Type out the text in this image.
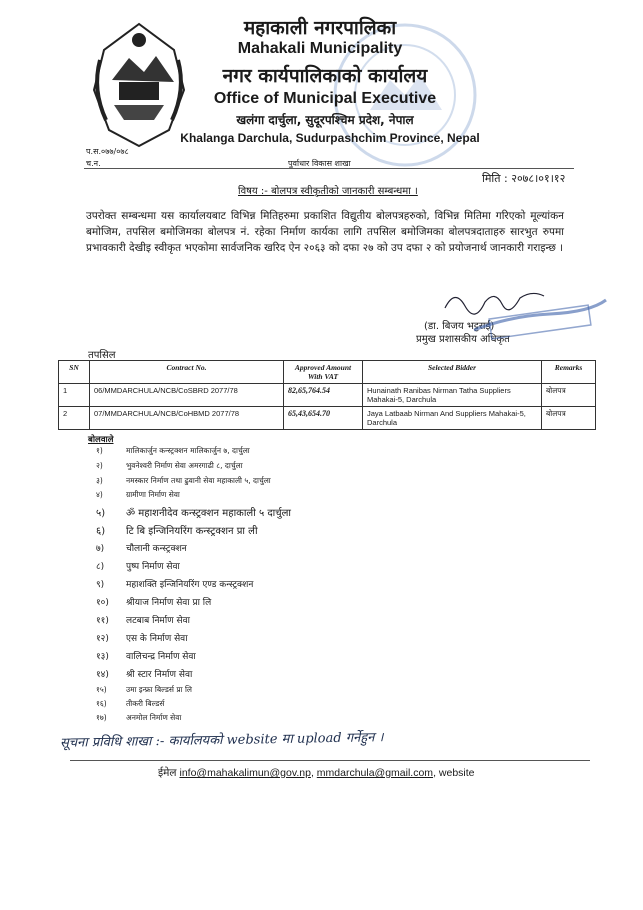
महाकाली नगरपालिका
Mahakali Municipality
नगर कार्यपालिकाको कार्यालय
Office of Municipal Executive
खलंगा दार्चुला, सुदूरपश्चिम प्रदेश, नेपाल
Khalanga Darchula, Sudurpashchim Province, Nepal
प.स.०७७/०७८
च.न.	पुर्वाधार विकास शाखा
मिति : २०७८।०१।१२
विषय :- बोलपत्र स्वीकृतीको जानकारी सम्बन्धमा ।
उपरोक्त सम्बन्धमा यस कार्यालयबाट विभिन्न मितिहरुमा प्रकाशित विद्युतीय बोलपत्रहरुको, विभिन्न मितिमा गरिएको मूल्यांकन बमोजिम, तपसिल बमोजिमका बोलपत्र नं. रहेका निर्माण कार्यका लागि तपसिल बमोजिमका बोलपत्रदाताहरु सारभुत रुपमा प्रभावकारी देखीइ स्वीकृत भएकोमा सार्वजनिक खरिद ऐन २०६३ को दफा २७ को उप दफा २ को प्रयोजनार्थ जानकारी गराइन्छ ।
(डा. बिजय भट्टराई)
प्रमुख प्रशासकीय अधिकृत
तपसिल
SN	Contract No.	Approved Amount With VAT	Selected Bidder	Remarks
1	06/MMDARCHULA/NCB/CoSBRD 2077/78	82,65,764.54	Hunainath Ranibas Nirman Tatha Suppliers Mahakai-5, Darchula	बोलपत्र
2	07/MMDARCHULA/NCB/CoHBMD 2077/78	65,43,654.70	Jaya Latbaab Nirman And Suppliers Mahakai-5, Darchula	बोलपत्र
बोलवाले
१)	मालिकार्जुन कन्स्ट्रक्शन मालिकार्जुन ७, दार्चुला
२)	भुवनेश्वरी निर्माण सेवा अमरगाढी ८, दार्चुला
३)	नमस्कार निर्माण तथा ढुवानी सेवा महाकाली ५, दार्चुला
४)	ग्रामीणा निर्माण सेवा
५) ॐ महाशनीदेव कन्स्ट्रक्शन महाकाली ५ दार्चुला
६) टि बि इन्जिनियरिंग कन्स्ट्रक्शन प्रा ली
७) चौलानी कन्स्ट्रक्शन
८) पुष्प निर्माण सेवा
९) महाशक्ति इन्जिनियरिंग एण्ड कन्स्ट्रक्शन
१०) श्रीयाज निर्माण सेवा प्रा लि
११) लटबाब निर्माण सेवा
१२) एस के निर्माण सेवा
१३) वालिचन्द्र निर्माण सेवा
१४) श्री स्टार निर्माण सेवा
१५)	उमा इन्फ्रा बिल्डर्स प्रा लि
१६)	तीकरी बिल्डर्स
१७)	अनमोल निर्माण सेवा
सूचना प्रविधि शाखा :- कार्यालयको website मा upload गर्नेहुन ।
ईमेल info@mahakalimun@gov.np, mmdarchula@gmail.com, website
